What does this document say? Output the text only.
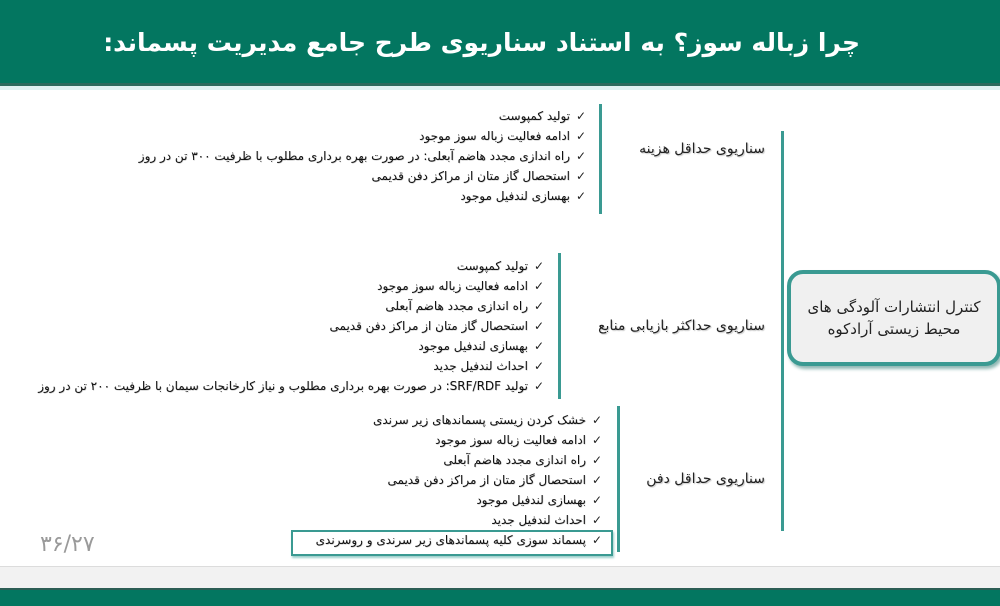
چرا زباله سوز؟ به استناد سناریوی طرح جامع مدیریت پسماند:
کنترل انتشارات آلودگی های
محیط زیستی آرادکوه
سناریوی حداقل هزینه
✓
تولید کمپوست
✓
ادامه فعالیت زباله سوز موجود
✓
راه اندازی مجدد هاضم آبعلی: در صورت بهره برداری مطلوب با ظرفیت ۳۰۰ تن در روز
✓
استحصال گاز متان از مراکز دفن قدیمی
✓
بهسازی لندفیل موجود
سناریوی حداکثر بازیابی منابع
✓
تولید کمپوست
✓
ادامه فعالیت زباله سوز موجود
✓
راه اندازی مجدد هاضم آبعلی
✓
استحصال گاز متان از مراکز دفن قدیمی
✓
بهسازی لندفیل موجود
✓
احداث لندفیل جدید
✓
تولید SRF/RDF: در صورت بهره برداری مطلوب و نیاز کارخانجات سیمان با ظرفیت ۲۰۰ تن در روز
سناریوی حداقل دفن
✓
خشک کردن زیستی پسماندهای زیر سرندی
✓
ادامه فعالیت زباله سوز موجود
✓
راه اندازی مجدد هاضم آبعلی
✓
استحصال گاز متان از مراکز دفن قدیمی
✓
بهسازی لندفیل موجود
✓
احداث لندفیل جدید
✓
پسماند سوزی کلیه پسماندهای زیر سرندی و روسرندی
۳۶/۲۷
